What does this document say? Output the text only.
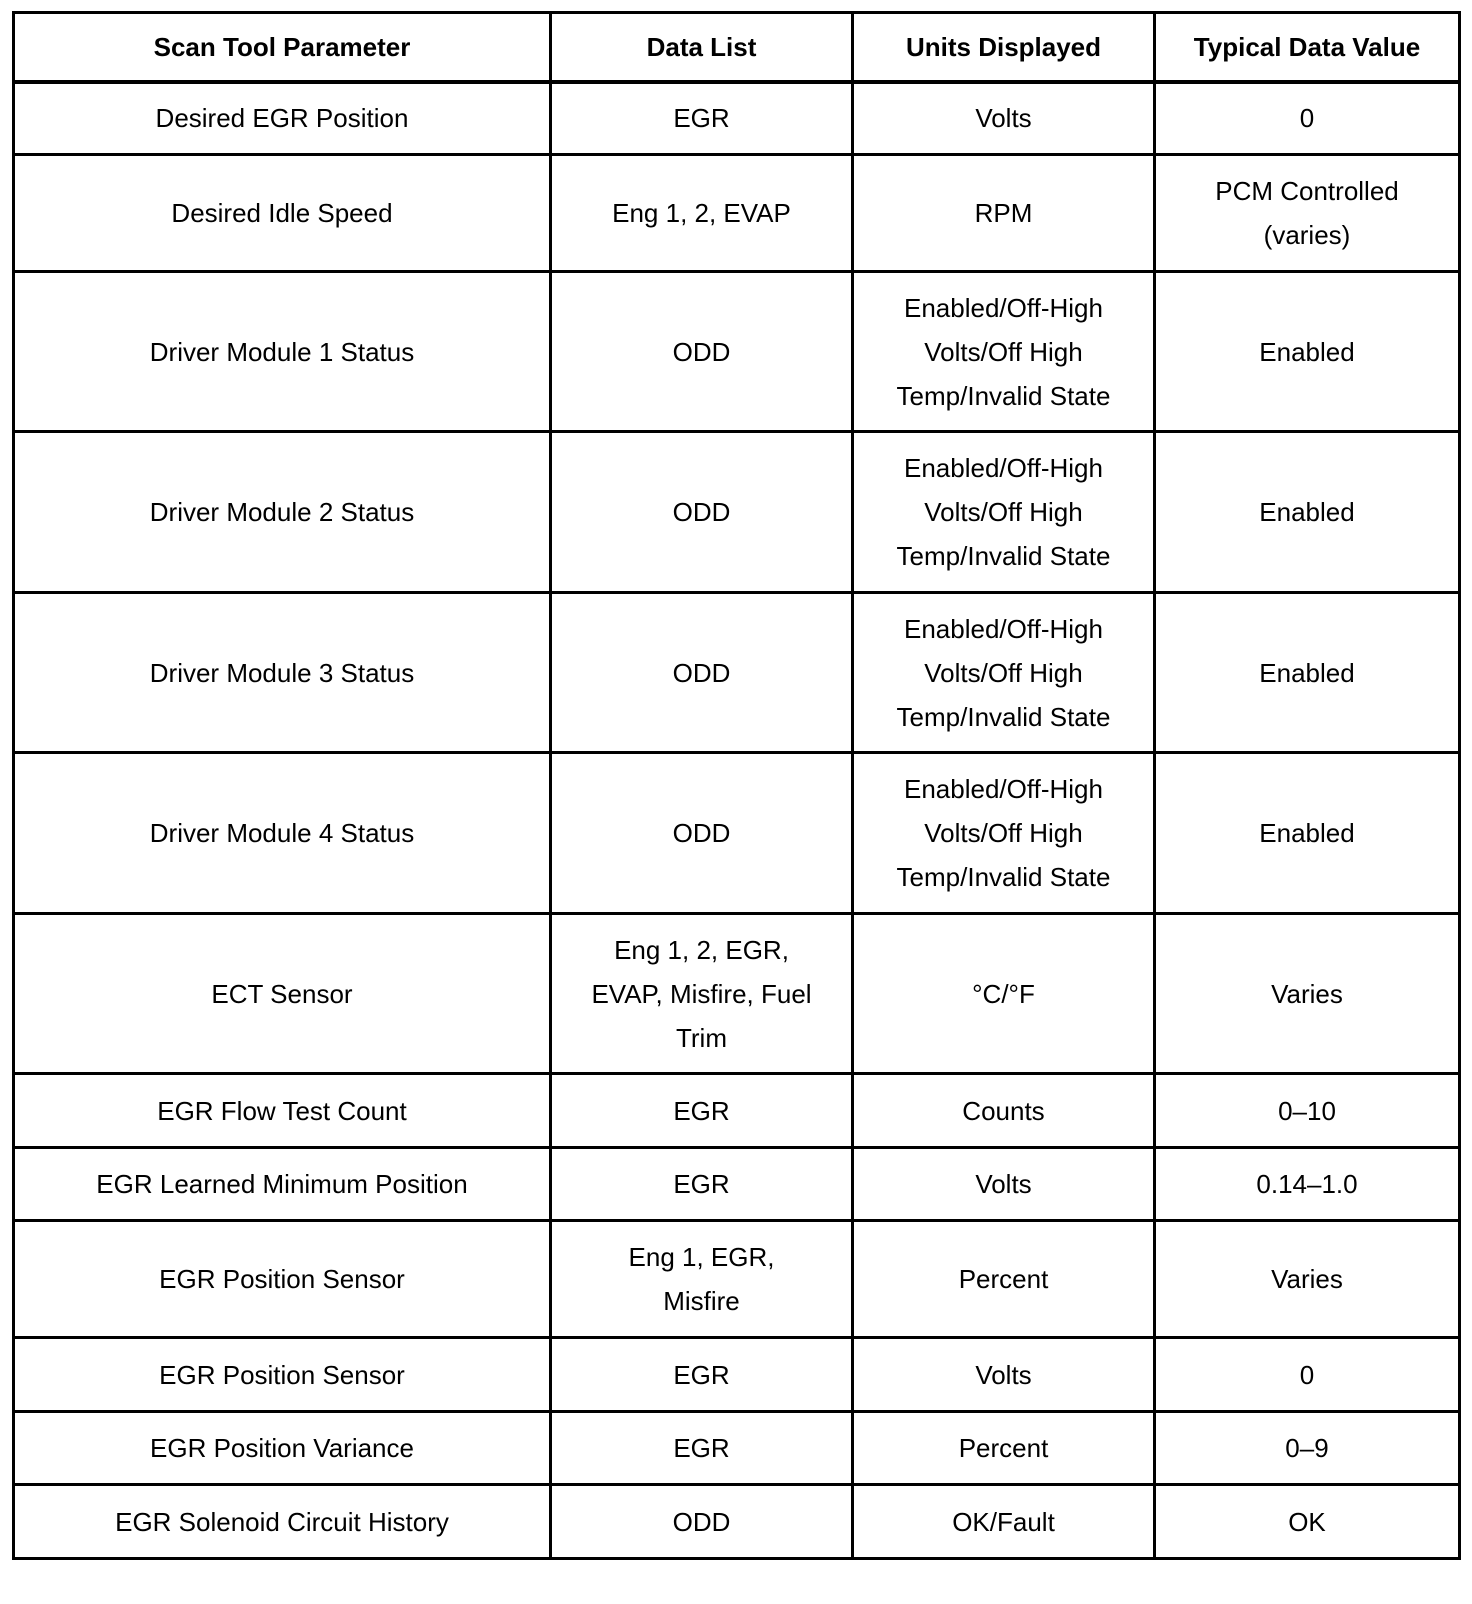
Scan Tool Parameter	Data List	Units Displayed	Typical Data Value
Desired EGR Position	EGR	Volts	0
Desired Idle Speed	Eng 1, 2, EVAP	RPM	PCM Controlled
(varies)
Driver Module 1 Status	ODD	Enabled/Off-High
Volts/Off High
Temp/Invalid State	Enabled
Driver Module 2 Status	ODD	Enabled/Off-High
Volts/Off High
Temp/Invalid State	Enabled
Driver Module 3 Status	ODD	Enabled/Off-High
Volts/Off High
Temp/Invalid State	Enabled
Driver Module 4 Status	ODD	Enabled/Off-High
Volts/Off High
Temp/Invalid State	Enabled
ECT Sensor	Eng 1, 2, EGR,
EVAP, Misfire, Fuel
Trim	°C/°F	Varies
EGR Flow Test Count	EGR	Counts	0–10
EGR Learned Minimum Position	EGR	Volts	0.14–1.0
EGR Position Sensor	Eng 1, EGR,
Misfire	Percent	Varies
EGR Position Sensor	EGR	Volts	0
EGR Position Variance	EGR	Percent	0–9
EGR Solenoid Circuit History	ODD	OK/Fault	OK
